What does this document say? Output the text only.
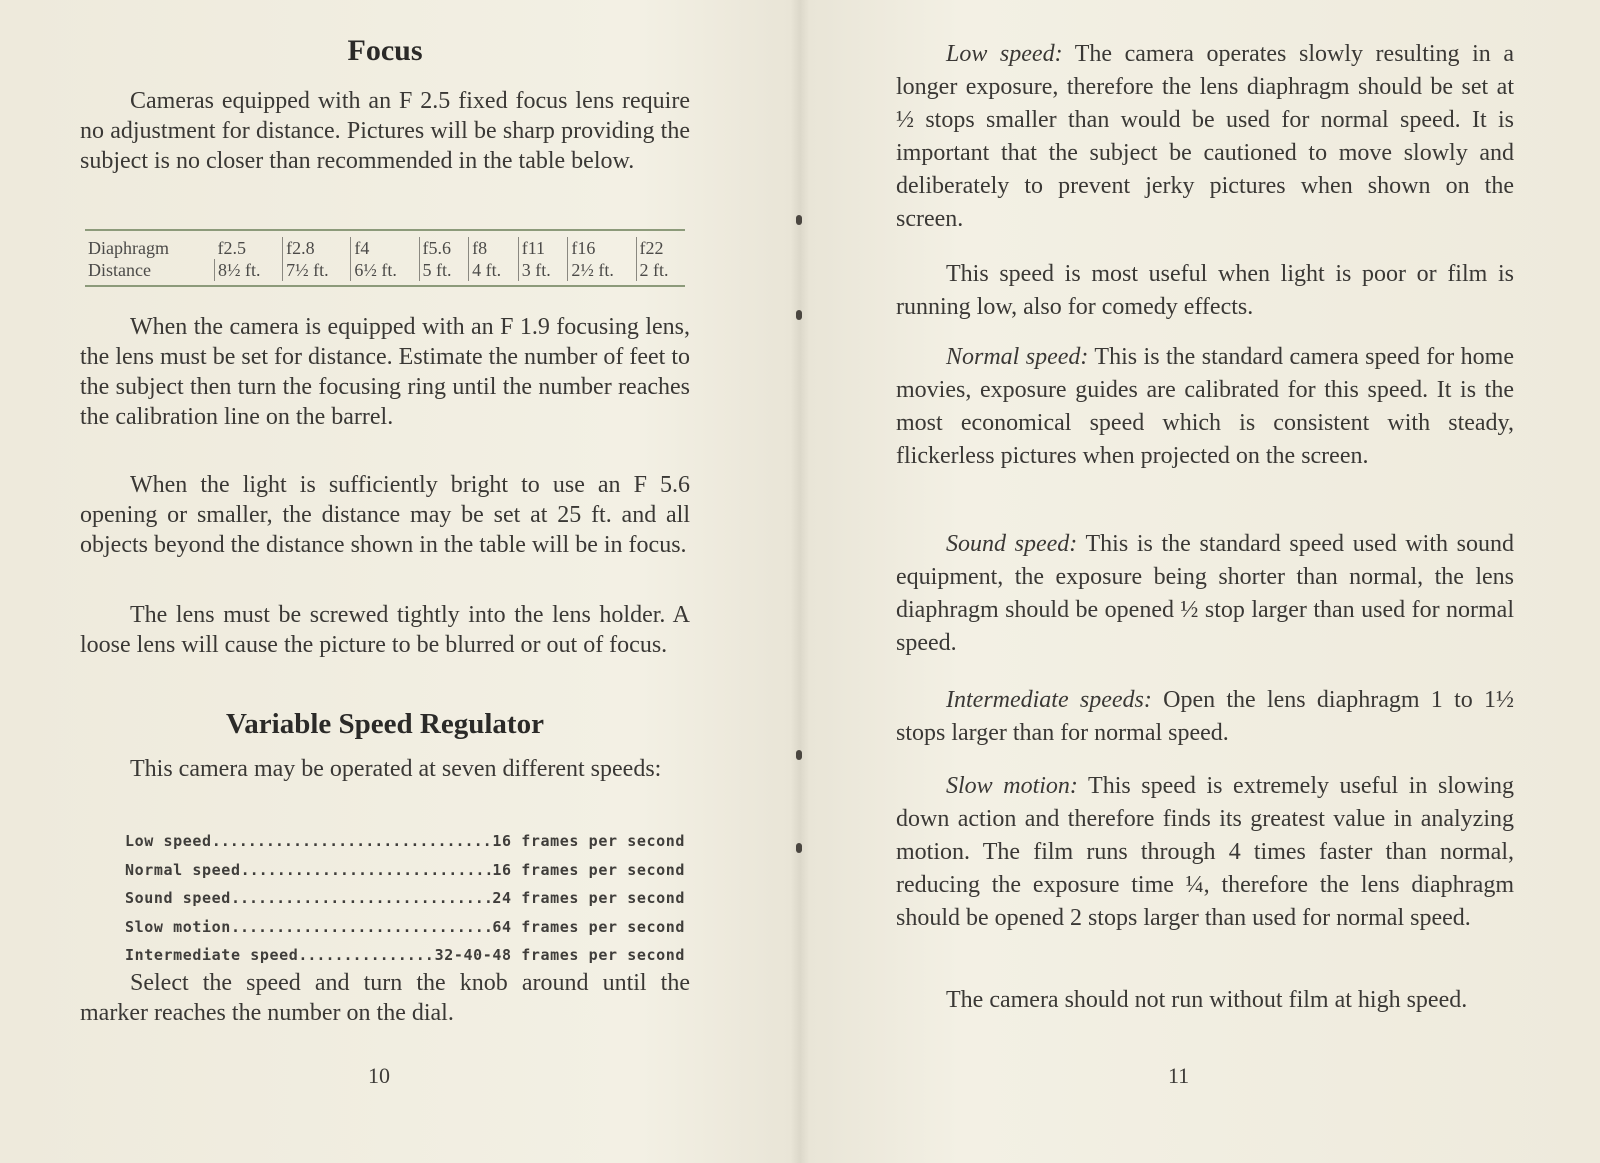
Focus

Cameras equipped with an F 2.5 fixed focus lens require no adjustment for distance. Pictures will be sharp providing the subject is no closer than recommended in the table below.

Diaphragm	f2.5	f2.8	f4	f5.6	f8	f11	f16	f22
Distance	8½ ft.	7½ ft.	6½ ft.	5 ft.	4 ft.	3 ft.	2½ ft.	2 ft.

When the camera is equipped with an F 1.9 focusing lens, the lens must be set for distance. Estimate the number of feet to the subject then turn the focusing ring until the number reaches the calibration line on the barrel.

When the light is sufficiently bright to use an F 5.6 opening or smaller, the distance may be set at 25 ft. and all objects beyond the distance shown in the table will be in focus.

The lens must be screwed tightly into the lens holder. A loose lens will cause the picture to be blurred or out of focus.

Variable Speed Regulator

This camera may be operated at seven different speeds:

Low speed .....	16 frames per second
Normal speed .....	16 frames per second
Sound speed .....	24 frames per second
Slow motion .....	64 frames per second
Intermediate speed .....	32-40-48 frames per second

Select the speed and turn the knob around until the marker reaches the number on the dial.

10

Low speed: The camera operates slowly resulting in a longer exposure, therefore the lens diaphragm should be set at ½ stops smaller than would be used for normal speed. It is important that the subject be cautioned to move slowly and deliberately to prevent jerky pictures when shown on the screen.

This speed is most useful when light is poor or film is running low, also for comedy effects.

Normal speed: This is the standard camera speed for home movies, exposure guides are calibrated for this speed. It is the most economical speed which is consistent with steady, flickerless pictures when projected on the screen.

Sound speed: This is the standard speed used with sound equipment, the exposure being shorter than normal, the lens diaphragm should be opened ½ stop larger than used for normal speed.

Intermediate speeds: Open the lens diaphragm 1 to 1½ stops larger than for normal speed.

Slow motion: This speed is extremely useful in slowing down action and therefore finds its greatest value in analyzing motion. The film runs through 4 times faster than normal, reducing the exposure time ¼, therefore the lens diaphragm should be opened 2 stops larger than used for normal speed.

The camera should not run without film at high speed.

11
